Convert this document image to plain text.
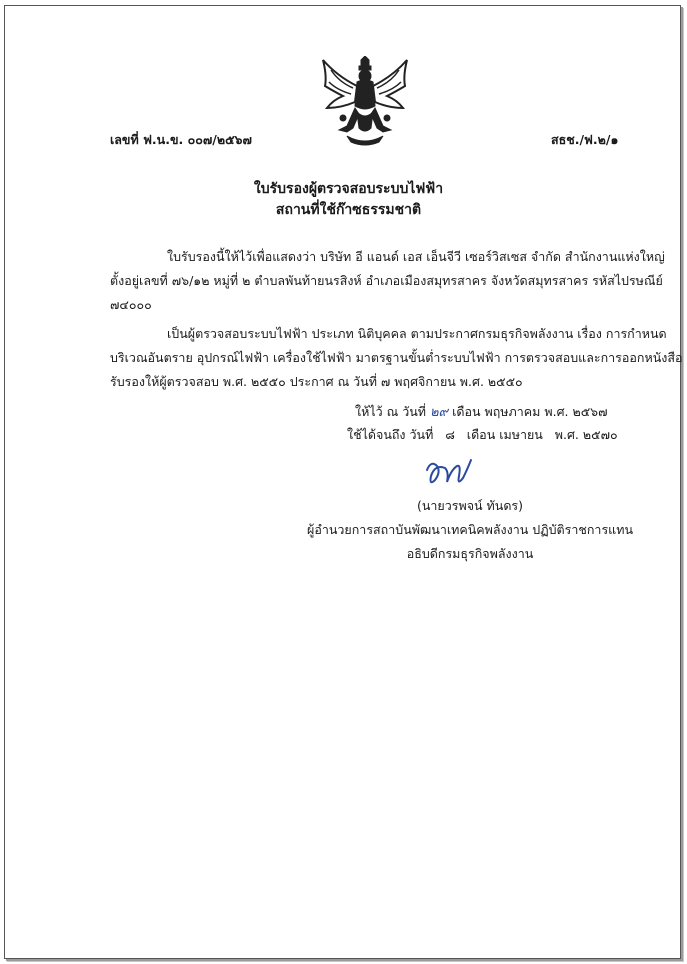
เลขที่ ฟ.น.ข. ๐๐๗/๒๕๖๗	สธช./ฟ.๒/๑
ใบรับรองผู้ตรวจสอบระบบไฟฟ้า
สถานที่ใช้ก๊าซธรรมชาติ
ใบรับรองนี้ให้ไว้เพื่อแสดงว่า บริษัท อี แอนด์ เอส เอ็นจีวี เซอร์วิสเซส จำกัด สำนักงานแห่งใหญ่
ตั้งอยู่เลขที่ ๗๖/๑๒ หมู่ที่ ๒ ตำบลพันท้ายนรสิงห์ อำเภอเมืองสมุทรสาคร จังหวัดสมุทรสาคร รหัสไปรษณีย์
๗๔๐๐๐
เป็นผู้ตรวจสอบระบบไฟฟ้า ประเภท นิติบุคคล ตามประกาศกรมธุรกิจพลังงาน เรื่อง การกำหนด
บริเวณอันตราย อุปกรณ์ไฟฟ้า เครื่องใช้ไฟฟ้า มาตรฐานขั้นต่ำระบบไฟฟ้า การตรวจสอบและการออกหนังสือ
รับรองให้ผู้ตรวจสอบ พ.ศ. ๒๕๕๐ ประกาศ ณ วันที่ ๗ พฤศจิกายน พ.ศ. ๒๕๕๐
ให้ไว้ ณ วันที่ ๒๙ เดือน พฤษภาคม พ.ศ. ๒๕๖๗
ใช้ได้จนถึง วันที่   ๘   เดือน เมษายน   พ.ศ. ๒๕๗๐
(นายวรพจน์ ทันดร)
ผู้อำนวยการสถาบันพัฒนาเทคนิคพลังงาน ปฏิบัติราชการแทน
อธิบดีกรมธุรกิจพลังงาน
